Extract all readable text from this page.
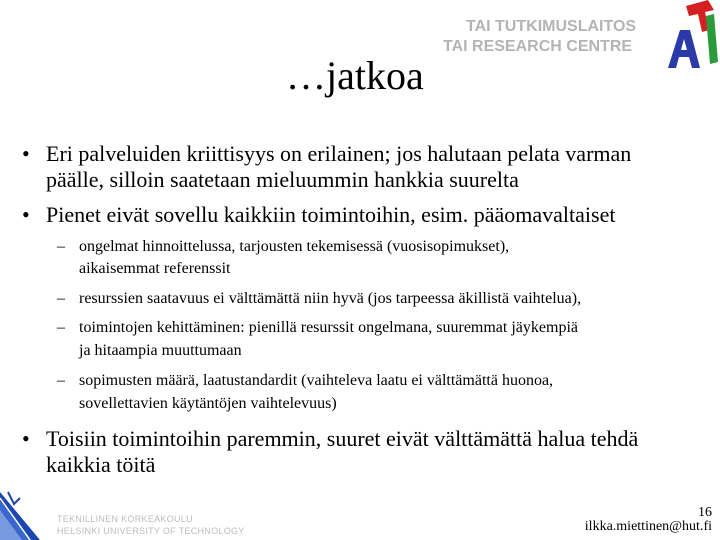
…jatkoa
TAI TUTKIMUSLAITOS
TAI RESEARCH CENTRE
T
• Eri palveluiden kriittisyys on erilainen; jos halutaan pelata varman
päälle, silloin saatetaan mieluummin hankkia suurelta
• Pienet eivät sovellu kaikkiin toimintoihin, esim. pääomavaltaiset
– ongelmat hinnoittelussa, tarjousten tekemisessä (vuosisopimukset),
aikaisemmat referenssit
– resurssien saatavuus ei välttämättä niin hyvä (jos tarpeessa äkillistä vaihtelua),
– toimintojen kehittäminen: pienillä resurssit ongelmana, suuremmat jäykempiä
ja hitaampia muuttumaan
– sopimusten määrä, laatustandardit (vaihteleva laatu ei välttämättä huonoa,
sovellettavien käytäntöjen vaihtelevuus)
• Toisiin toimintoihin paremmin, suuret eivät välttämättä halua tehdä
kaikkia töitä
TEKNILLINEN KORKEAKOULU
HELSINKI UNIVERSITY OF TECHNOLOGY
16
ilkka.miettinen@hut.fi
